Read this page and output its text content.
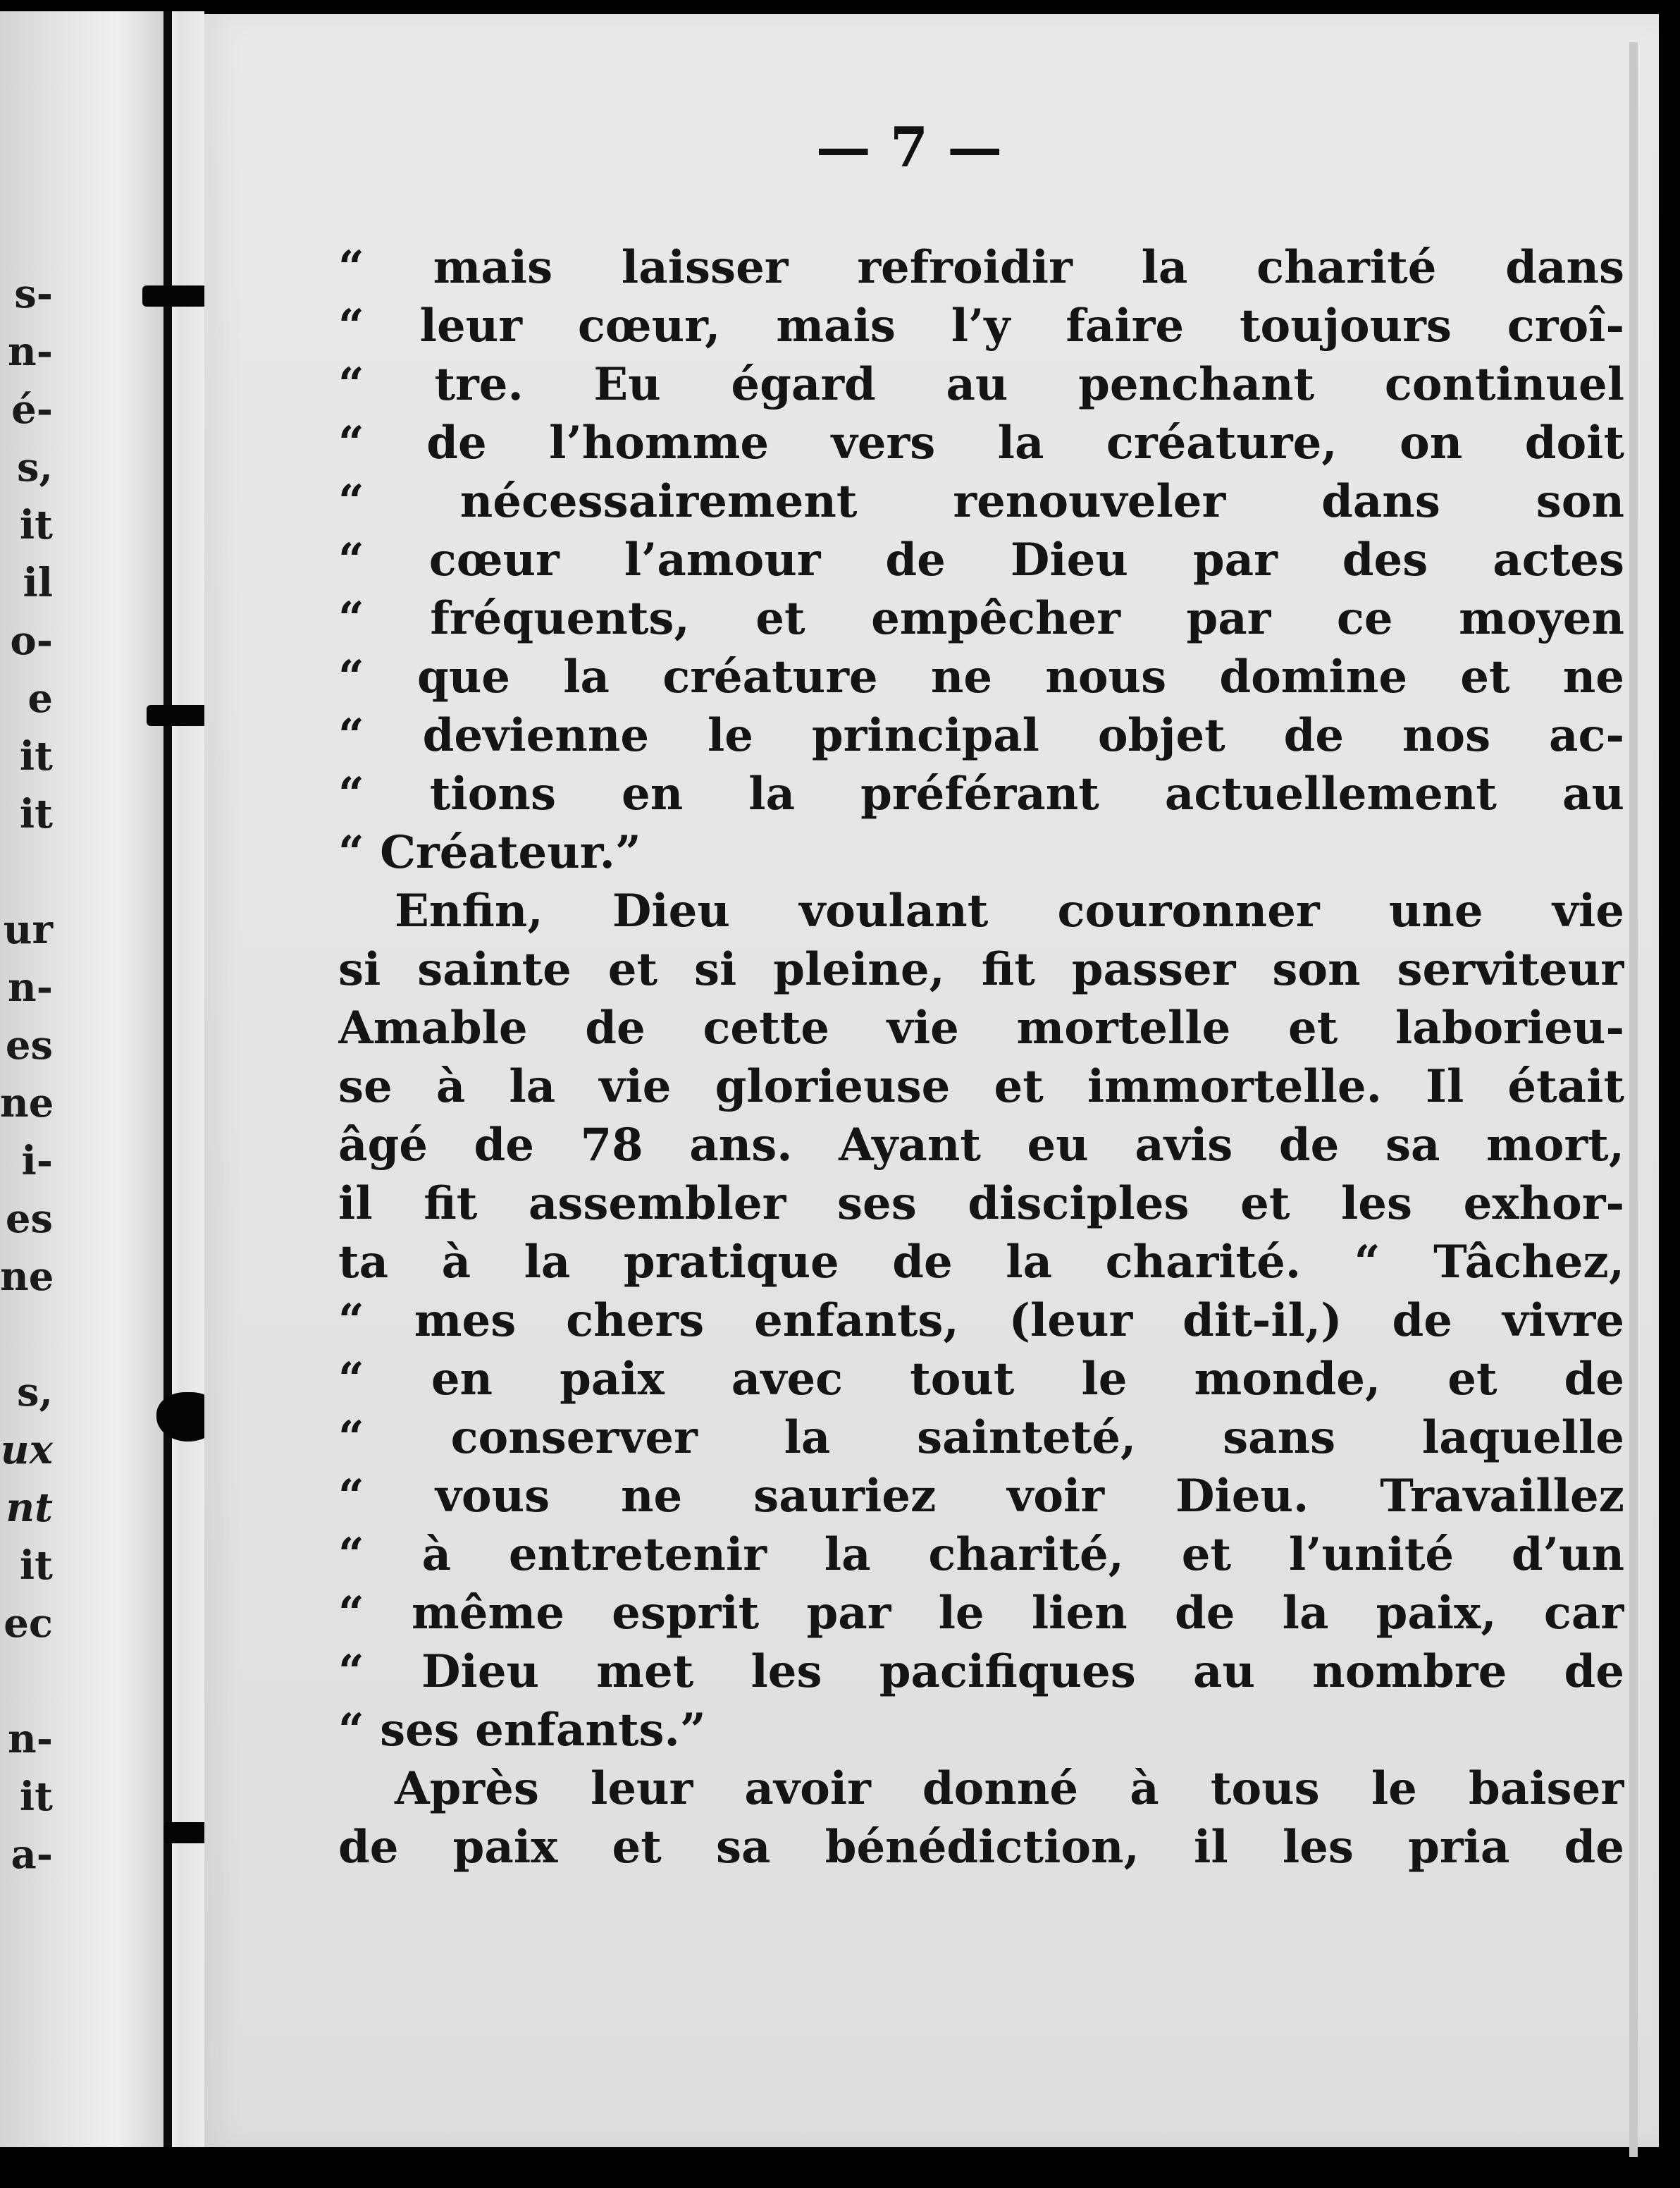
s-
n-
é-
s,
it
il
o-
e
it
it
ur
n-
es
ne
i-
es
ne
s,
ux
nt
it
ec
n-
it
a-
— 7 —
“ mais laisser refroidir la charité dans
“ leur cœur, mais l’y faire toujours croî-
“ tre. Eu égard au penchant continuel
“ de l’homme vers la créature, on doit
“ nécessairement renouveler dans son
“ cœur l’amour de Dieu par des actes
“ fréquents, et empêcher par ce moyen
“ que la créature ne nous domine et ne
“ devienne le principal objet de nos ac-
“ tions en la préférant actuellement au
“ Créateur.”
Enfin, Dieu voulant couronner une vie
si sainte et si pleine, fit passer son serviteur
Amable de cette vie mortelle et laborieu-
se à la vie glorieuse et immortelle. Il était
âgé de 78 ans. Ayant eu avis de sa mort,
il fit assembler ses disciples et les exhor-
ta à la pratique de la charité. “ Tâchez,
“ mes chers enfants, (leur dit-il,) de vivre
“ en paix avec tout le monde, et de
“ conserver la sainteté, sans laquelle
“ vous ne sauriez voir Dieu. Travaillez
“ à entretenir la charité, et l’unité d’un
“ même esprit par le lien de la paix, car
“ Dieu met les pacifiques au nombre de
“ ses enfants.”
Après leur avoir donné à tous le baiser
de paix et sa bénédiction, il les pria de
